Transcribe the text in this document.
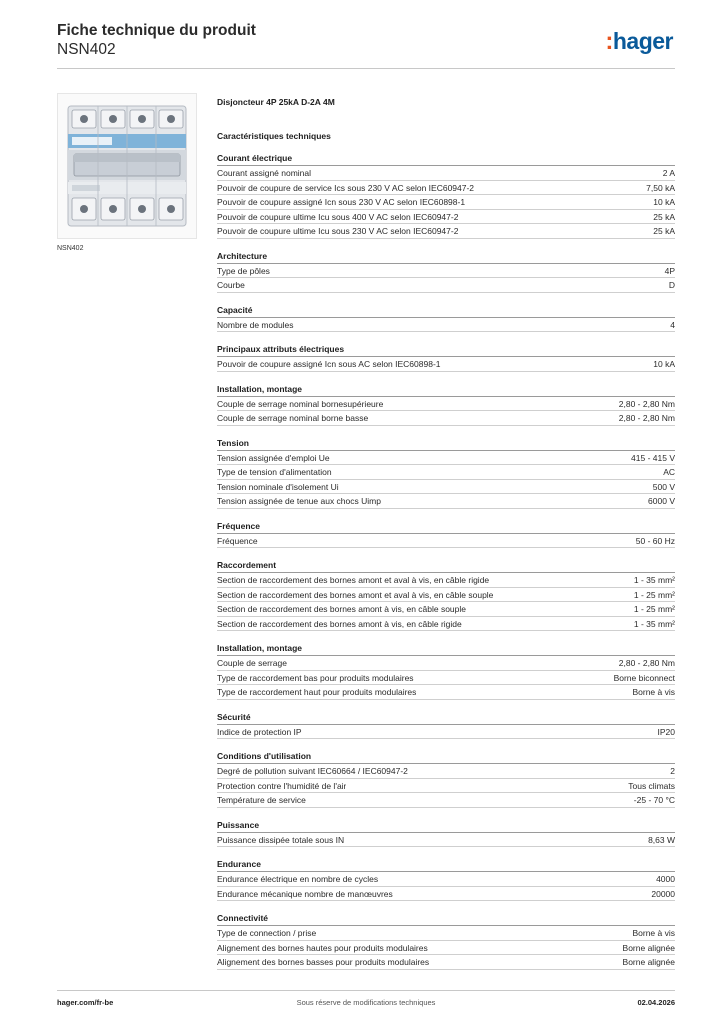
Fiche technique du produit
NSN402	:hager
NSN402
Disjoncteur 4P 25kA D-2A 4M
Caractéristiques techniques
Courant électrique
Courant assigné nominal	2 A
Pouvoir de coupure de service Ics sous 230 V AC selon IEC60947-2	7,50 kA
Pouvoir de coupure assigné Icn sous 230 V AC selon IEC60898-1	10 kA
Pouvoir de coupure ultime Icu sous 400 V AC selon IEC60947-2	25 kA
Pouvoir de coupure ultime Icu sous 230 V AC selon IEC60947-2	25 kA
Architecture
Type de pôles	4P
Courbe	D
Capacité
Nombre de modules	4
Principaux attributs électriques
Pouvoir de coupure assigné Icn sous AC selon IEC60898-1	10 kA
Installation, montage
Couple de serrage nominal bornesupérieure	2,80 - 2,80 Nm
Couple de serrage nominal borne basse	2,80 - 2,80 Nm
Tension
Tension assignée d'emploi Ue	415 - 415 V
Type de tension d'alimentation	AC
Tension nominale d'isolement Ui	500 V
Tension assignée de tenue aux chocs Uimp	6000 V
Fréquence
Fréquence	50 - 60 Hz
Raccordement
Section de raccordement des bornes amont et aval à vis, en câble rigide	1 - 35 mm²
Section de raccordement des bornes amont et aval à vis, en câble souple	1 - 25 mm²
Section de raccordement des bornes amont à vis, en câble souple	1 - 25 mm²
Section de raccordement des bornes amont à vis, en câble rigide	1 - 35 mm²
Installation, montage
Couple de serrage	2,80 - 2,80 Nm
Type de raccordement bas pour produits modulaires	Borne biconnect
Type de raccordement haut pour produits modulaires	Borne à vis
Sécurité
Indice de protection IP	IP20
Conditions d'utilisation
Degré de pollution suivant IEC60664 / IEC60947-2	2
Protection contre l'humidité de l'air	Tous climats
Température de service	-25 - 70 °C
Puissance
Puissance dissipée totale sous IN	8,63 W
Endurance
Endurance électrique en nombre de cycles	4000
Endurance mécanique nombre de manœuvres	20000
Connectivité
Type de connection / prise	Borne à vis
Alignement des bornes hautes pour produits modulaires	Borne alignée
Alignement des bornes basses pour produits modulaires	Borne alignée
hager.com/fr-be	Sous réserve de modifications techniques	02.04.2026
